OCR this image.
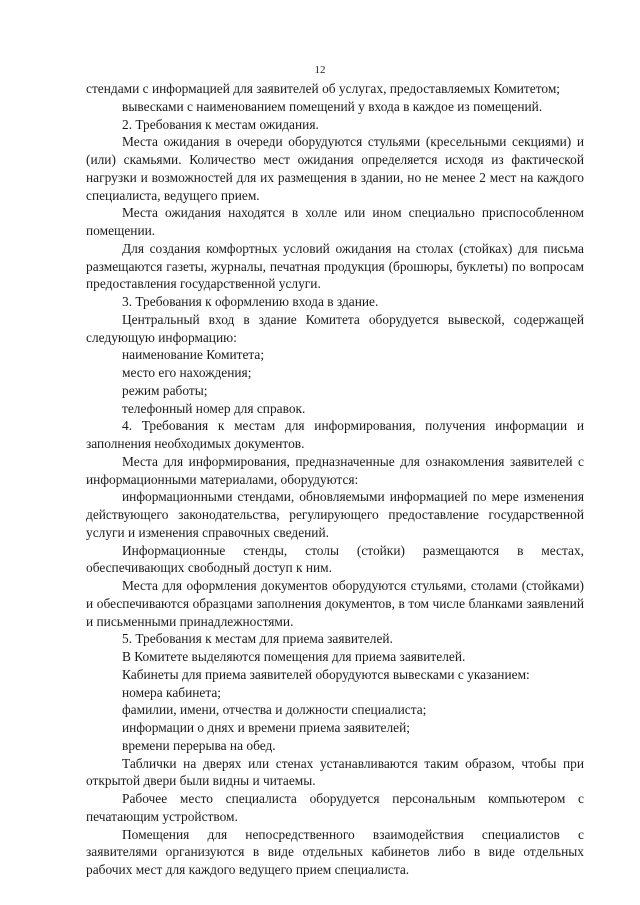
12

стендами с информацией для заявителей об услугах, предоставляемых Комитетом;

вывесками с наименованием помещений у входа в каждое из помещений.

2. Требования к местам ожидания.

Места ожидания в очереди оборудуются стульями (кресельными секциями) и (или) скамьями. Количество мест ожидания определяется исходя из фактической нагрузки и возможностей для их размещения в здании, но не менее 2 мест на каждого специалиста, ведущего прием.

Места ожидания находятся в холле или ином специально приспособленном помещении.

Для создания комфортных условий ожидания на столах (стойках) для письма размещаются газеты, журналы, печатная продукция (брошюры, буклеты) по вопросам предоставления государственной услуги.

3. Требования к оформлению входа в здание.

Центральный вход в здание Комитета оборудуется вывеской, содержащей следующую информацию:

наименование Комитета;

место его нахождения;

режим работы;

телефонный номер для справок.

4. Требования к местам для информирования, получения информации и заполнения необходимых документов.

Места для информирования, предназначенные для ознакомления заявителей с информационными материалами, оборудуются:

информационными стендами, обновляемыми информацией по мере изменения действующего законодательства, регулирующего предоставление государственной услуги и изменения справочных сведений.

Информационные стенды, столы (стойки) размещаются в местах, обеспечивающих свободный доступ к ним.

Места для оформления документов оборудуются стульями, столами (стойками) и обеспечиваются образцами заполнения документов, в том числе бланками заявлений и письменными принадлежностями.

5. Требования к местам для приема заявителей.

В Комитете выделяются помещения для приема заявителей.

Кабинеты для приема заявителей оборудуются вывесками с указанием:

номера кабинета;

фамилии, имени, отчества и должности специалиста;

информации о днях и времени приема заявителей;

времени перерыва на обед.

Таблички на дверях или стенах устанавливаются таким образом, чтобы при открытой двери были видны и читаемы.

Рабочее место специалиста оборудуется персональным компьютером с печатающим устройством.

Помещения для непосредственного взаимодействия специалистов с заявителями организуются в виде отдельных кабинетов либо в виде отдельных рабочих мест для каждого ведущего прием специалиста.
